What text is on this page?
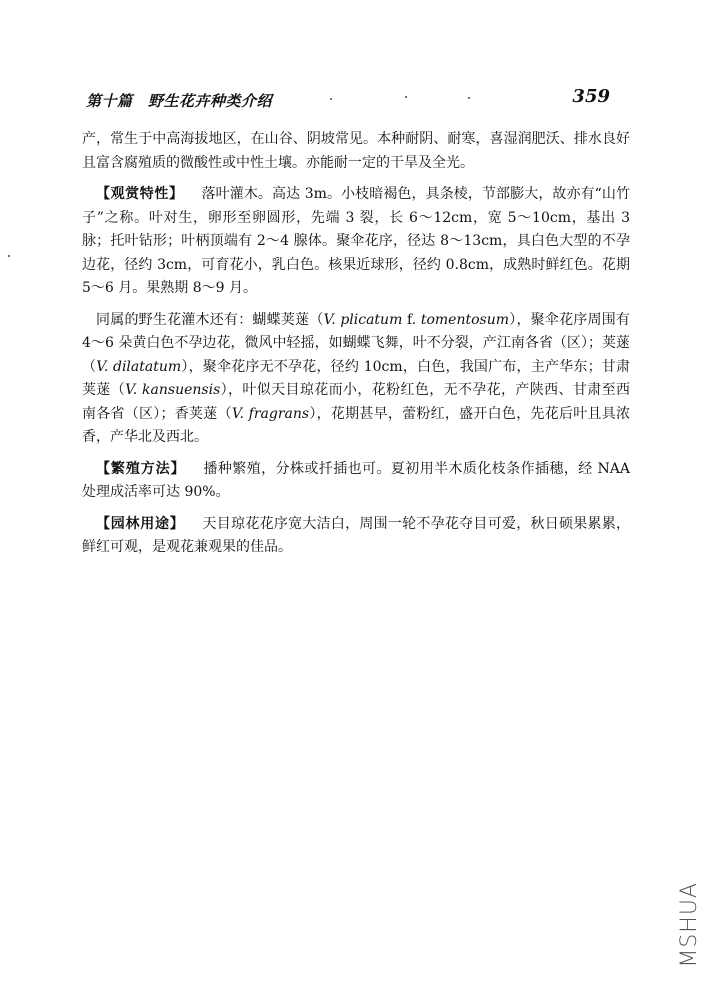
第十篇　野生花卉种类介绍	359

产，常生于中高海拔地区，在山谷、阴坡常见。本种耐阴、耐寒，喜湿润肥沃、排水良好且富含腐殖质的微酸性或中性土壤。亦能耐一定的干旱及全光。

【观赏特性】 落叶灌木。高达 3m。小枝暗褐色，具条棱，节部膨大，故亦有“山竹子”之称。叶对生，卵形至卵圆形，先端 3 裂，长 6～12cm，宽 5～10cm，基出 3 脉；托叶钻形；叶柄顶端有 2～4 腺体。聚伞花序，径达 8～13cm，具白色大型的不孕边花，径约 3cm，可育花小，乳白色。核果近球形，径约 0.8cm，成熟时鲜红色。花期 5～6 月。果熟期 8～9 月。

同属的野生花灌木还有：蝴蝶荚蒾（V. plicatum f. tomentosum），聚伞花序周围有 4～6 朵黄白色不孕边花，微风中轻摇，如蝴蝶飞舞，叶不分裂，产江南各省（区）；荚蒾（V. dilatatum），聚伞花序无不孕花，径约 10cm，白色，我国广布，主产华东；甘肃荚蒾（V. kansuensis），叶似天目琼花而小，花粉红色，无不孕花，产陕西、甘肃至西南各省（区）；香荚蒾（V. fragrans），花期甚早，蕾粉红，盛开白色，先花后叶且具浓香，产华北及西北。

【繁殖方法】 播种繁殖，分株或扦插也可。夏初用半木质化枝条作插穗，经 NAA 处理成活率可达 90%。

【园林用途】 天目琼花花序宽大洁白，周围一轮不孕花夺目可爱，秋日硕果累累，鲜红可观，是观花兼观果的佳品。

MSHUA
